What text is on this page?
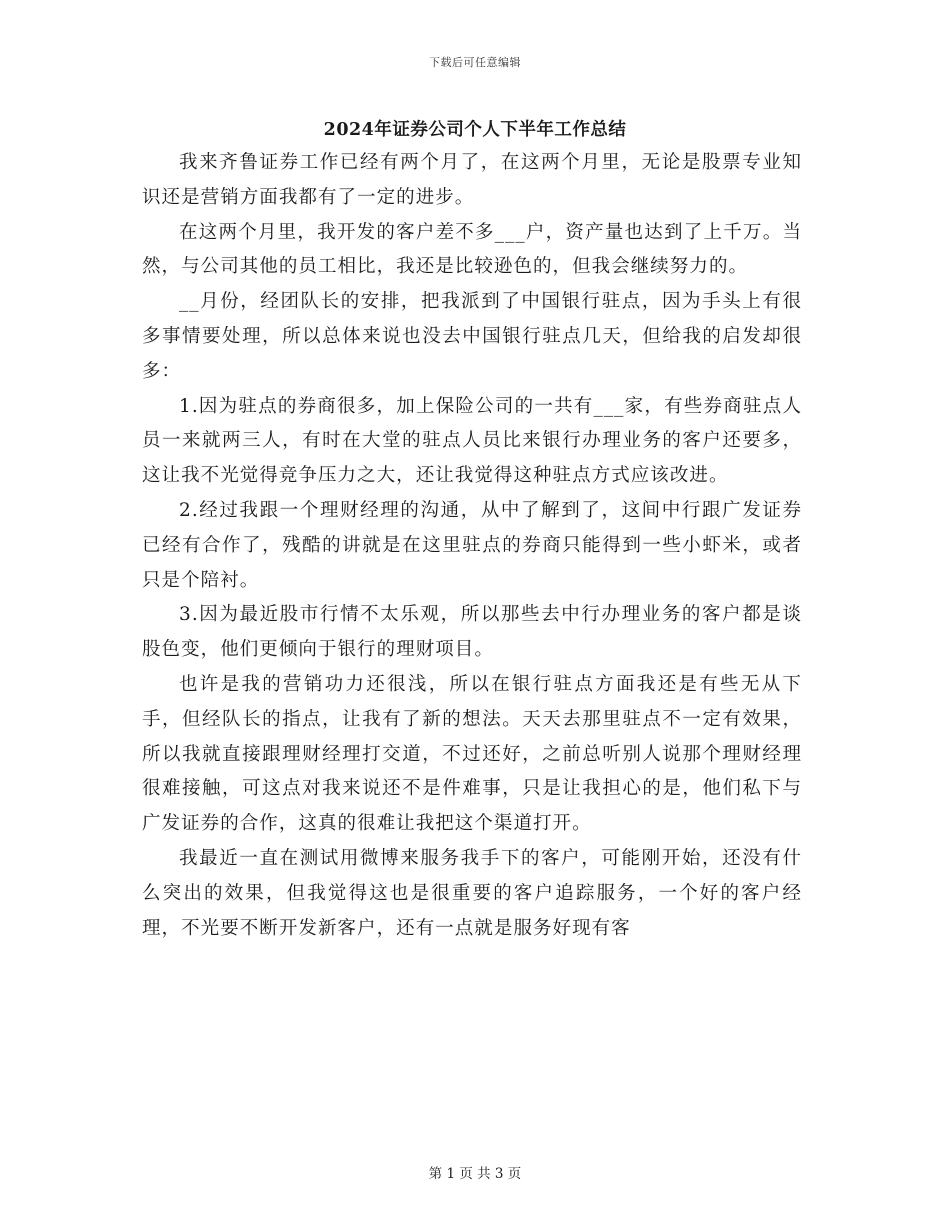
下载后可任意编辑
2024年证券公司个人下半年工作总结

我来齐鲁证券工作已经有两个月了，在这两个月里，无论是股票专业知识还是营销方面我都有了一定的进步。

在这两个月里，我开发的客户差不多___户，资产量也达到了上千万。当然，与公司其他的员工相比，我还是比较逊色的，但我会继续努力的。

__月份，经团队长的安排，把我派到了中国银行驻点，因为手头上有很多事情要处理，所以总体来说也没去中国银行驻点几天，但给我的启发却很多：

1.因为驻点的券商很多，加上保险公司的一共有___家，有些券商驻点人员一来就两三人，有时在大堂的驻点人员比来银行办理业务的客户还要多，这让我不光觉得竞争压力之大，还让我觉得这种驻点方式应该改进。

2.经过我跟一个理财经理的沟通，从中了解到了，这间中行跟广发证券已经有合作了，残酷的讲就是在这里驻点的券商只能得到一些小虾米，或者只是个陪衬。

3.因为最近股市行情不太乐观，所以那些去中行办理业务的客户都是谈股色变，他们更倾向于银行的理财项目。

也许是我的营销功力还很浅，所以在银行驻点方面我还是有些无从下手，但经队长的指点，让我有了新的想法。天天去那里驻点不一定有效果，所以我就直接跟理财经理打交道，不过还好，之前总听别人说那个理财经理很难接触，可这点对我来说还不是件难事，只是让我担心的是，他们私下与广发证券的合作，这真的很难让我把这个渠道打开。

我最近一直在测试用微博来服务我手下的客户，可能刚开始，还没有什么突出的效果，但我觉得这也是很重要的客户追踪服务，一个好的客户经理，不光要不断开发新客户，还有一点就是服务好现有客

第 1 页 共 3 页
